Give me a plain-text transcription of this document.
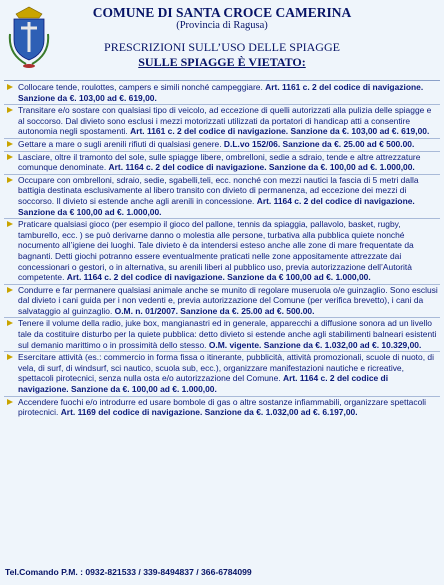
COMUNE DI SANTA CROCE CAMERINA
(Provincia di Ragusa)
PRESCRIZIONI SULL’USO DELLE SPIAGGE
SULLE SPIAGGE È VIETATO:
Collocare tende, roulottes, campers e simili nonché campeggiare. Art. 1161 c. 2 del codice di navigazione. Sanzione da €. 103,00 ad €. 619,00.
Transitare e/o sostare con qualsiasi tipo di veicolo, ad eccezione di quelli autorizzati alla pulizia delle spiagge e al soccorso. Dal divieto sono esclusi i mezzi motorizzati utilizzati da portatori di handicap atti a consentire autonomia negli spostamenti. Art. 1161 c. 2 del codice di navigazione. Sanzione da €. 103,00 ad €. 619,00.
Gettare a mare o sugli arenili rifiuti di qualsiasi genere. D.L.vo 152/06. Sanzione da €. 25.00 ad € 500.00.
Lasciare, oltre il tramonto del sole, sulle spiagge libere, ombrelloni, sedie a sdraio, tende e altre attrezzature comunque denominate. Art. 1164 c. 2 del codice di navigazione. Sanzione da €. 100,00 ad €. 1.000,00.
Occupare con ombrelloni, sdraio, sedie, sgabelli,teli, ecc. nonché con mezzi nautici la fascia di 5 metri dalla battigia destinata esclusivamente al libero transito con divieto di permanenza, ad eccezione dei mezzi di soccorso. Il divieto si estende anche agli arenili in concessione. Art. 1164 c. 2 del codice di navigazione. Sanzione da € 100,00 ad €. 1.000,00.
Praticare qualsiasi gioco (per esempio il gioco del pallone, tennis da spiaggia, pallavolo, basket, rugby, tamburello, ecc. ) se può derivarne danno o molestia alle persone, turbativa alla pubblica quiete nonché nocumento all’igiene dei luoghi. Tale divieto è da intendersi esteso anche alle zone di mare frequentate da bagnanti. Detti giochi potranno essere eventualmente praticati nelle zone appositamente attrezzate dai concessionari o gestori, o in alternativa, su arenili liberi al pubblico uso, previa autorizzazione dell’Autorità competente. Art. 1164 c. 2 del codice di navigazione. Sanzione da € 100,00 ad €. 1.000,00.
Condurre e far permanere qualsiasi animale anche se munito di regolare museruola o/e guinzaglio. Sono esclusi dal divieto i cani guida per i non vedenti e, previa autorizzazione del Comune (per verifica brevetto), i cani da salvataggio al guinzaglio. O.M. n. 01/2007. Sanzione da €. 25.00 ad €. 500.00.
Tenere il volume della radio, juke box, mangianastri ed in generale, apparecchi a diffusione sonora ad un livello tale da costituire disturbo per la quiete pubblica: detto divieto si estende anche agli stabilimenti balneari esistenti sul demanio marittimo o in prossimità dello stesso. O.M. vigente. Sanzione da €. 1.032,00 ad €. 10.329,00.
Esercitare attività (es.: commercio in forma fissa o itinerante, pubblicità, attività promozionali, scuole di nuoto, di vela, di surf, di windsurf, sci nautico, scuola sub, ecc.), organizzare manifestazioni nautiche e ricreative, spettacoli pirotecnici, senza nulla osta e/o autorizzazione del Comune. Art. 1164 c. 2 del codice di navigazione. Sanzione da €. 100,00 ad €. 1.000,00.
Accendere fuochi e/o introdurre ed usare bombole di gas o altre sostanze infiammabili, organizzare spettacoli pirotecnici. Art. 1169 del codice di navigazione. Sanzione da €. 1.032,00 ad €. 6.197,00.
Tel.Comando P.M. : 0932-821533 / 339-8494837 / 366-6784099
